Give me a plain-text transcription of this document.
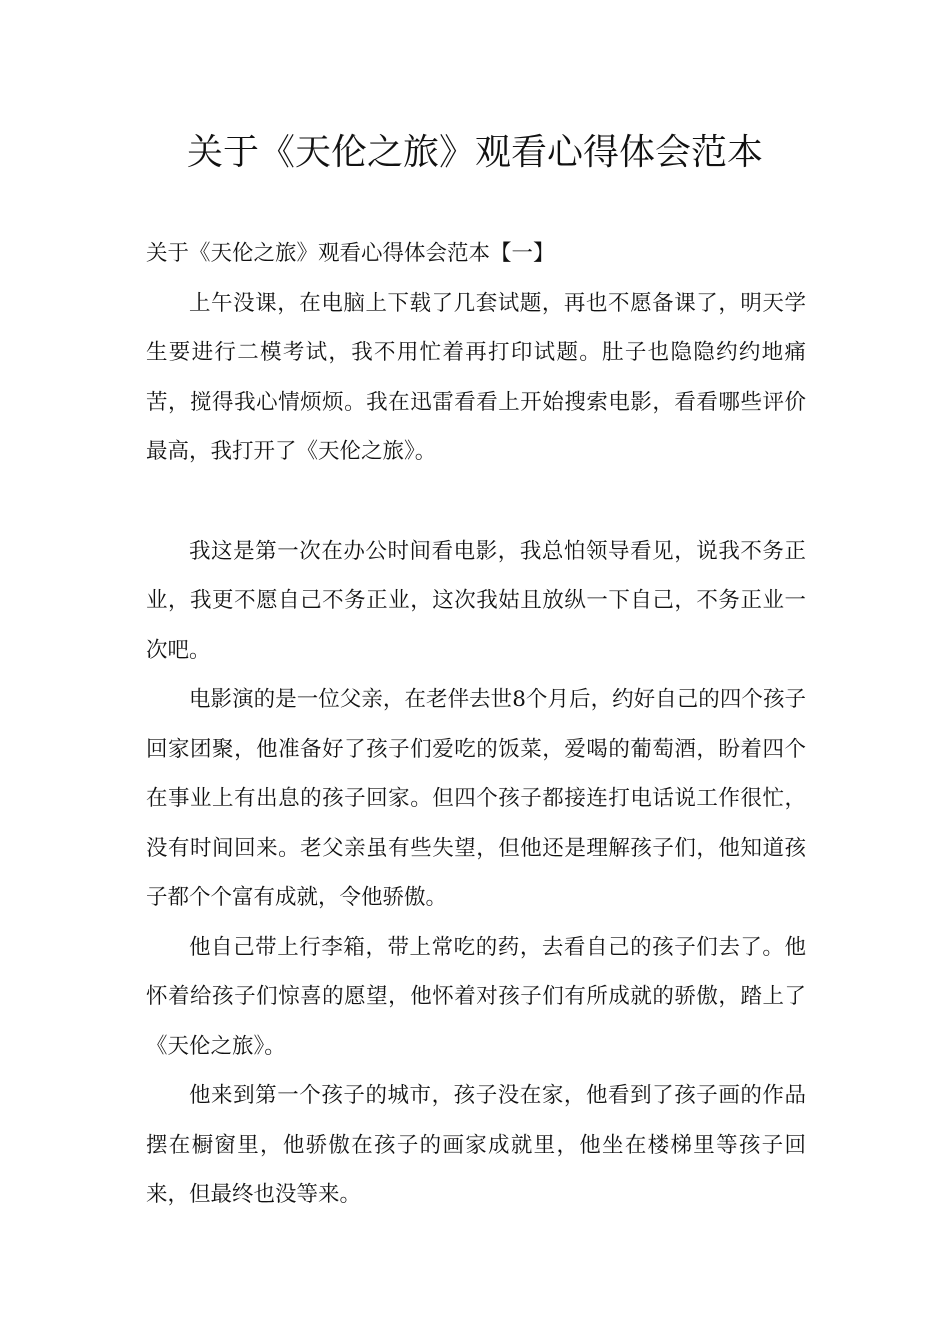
关于《天伦之旅》观看心得体会范本
关于《天伦之旅》观看心得体会范本【一】

上午没课，在电脑上下载了几套试题，再也不愿备课了，明天学生要进行二模考试，我不用忙着再打印试题。肚子也隐隐约约地痛苦，搅得我心情烦烦。我在迅雷看看上开始搜索电影，看看哪些评价最高，我打开了《天伦之旅》。

我这是第一次在办公时间看电影，我总怕领导看见，说我不务正业，我更不愿自己不务正业，这次我姑且放纵一下自己，不务正业一次吧。

电影演的是一位父亲，在老伴去世8个月后，约好自己的四个孩子回家团聚，他准备好了孩子们爱吃的饭菜，爱喝的葡萄酒，盼着四个在事业上有出息的孩子回家。但四个孩子都接连打电话说工作很忙，没有时间回来。老父亲虽有些失望，但他还是理解孩子们，他知道孩子都个个富有成就，令他骄傲。

他自己带上行李箱，带上常吃的药，去看自己的孩子们去了。他怀着给孩子们惊喜的愿望，他怀着对孩子们有所成就的骄傲，踏上了《天伦之旅》。

他来到第一个孩子的城市，孩子没在家，他看到了孩子画的作品摆在橱窗里，他骄傲在孩子的画家成就里，他坐在楼梯里等孩子回来，但最终也没等来。
